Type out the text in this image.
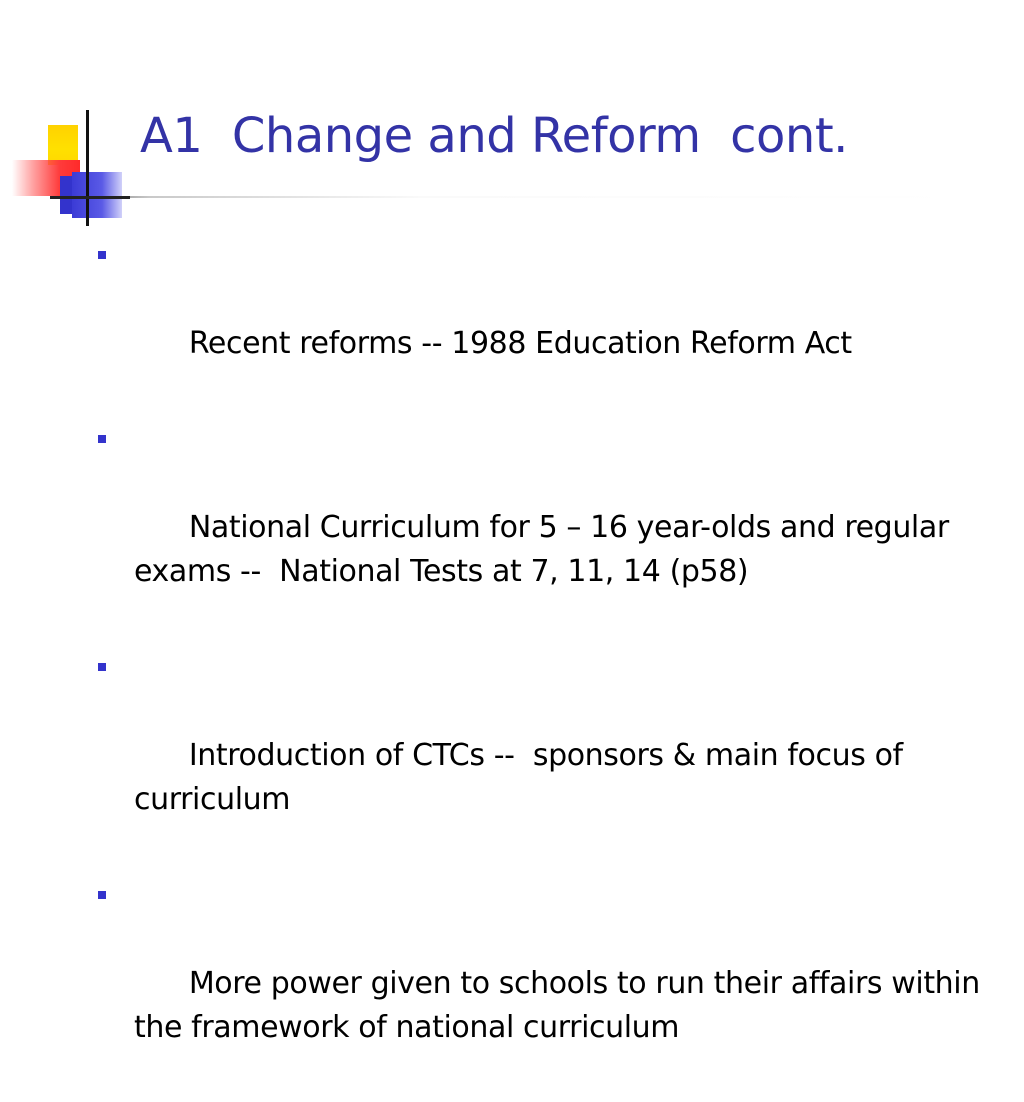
A1  Change and Reform  cont.

Recent reforms -- 1988 Education Reform Act

National Curriculum for 5 – 16 year-olds and regular exams --  National Tests at 7, 11, 14 (p58)

Introduction of CTCs --  sponsors & main focus of curriculum

More power given to schools to run their affairs within the framework of national curriculum
